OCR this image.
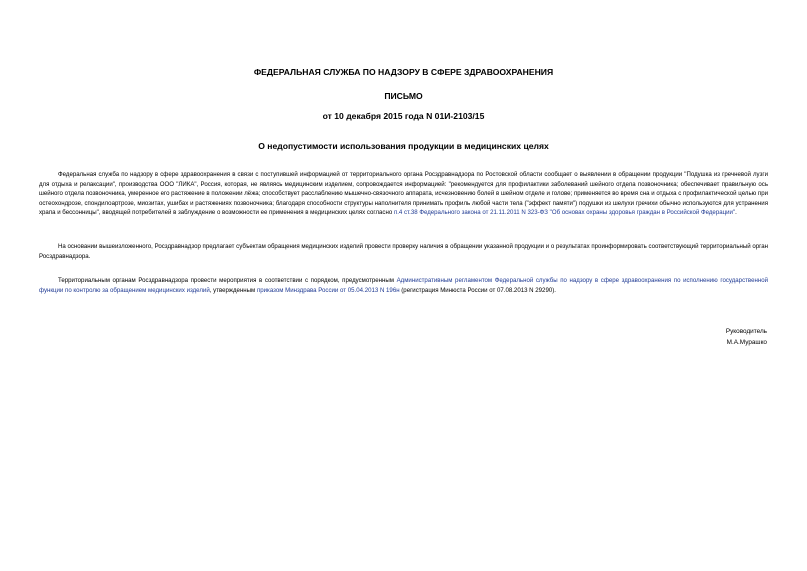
ФЕДЕРАЛЬНАЯ СЛУЖБА ПО НАДЗОРУ В СФЕРЕ ЗДРАВООХРАНЕНИЯ
ПИСЬМО
от 10 декабря 2015 года N 01И-2103/15
О недопустимости использования продукции в медицинских целях

Федеральная служба по надзору в сфере здравоохранения в связи с поступившей информацией от территориального органа Росздравнадзора по Ростовской области сообщает о выявлении в обращении продукции "Подушка из гречневой лузги для отдыха и релаксации", производства ООО "ЛИКА", Россия, которая, не являясь медицинским изделием, сопровождается информацией: "рекомендуется для профилактики заболеваний шейного отдела позвоночника; обеспечивает правильную ось шейного отдела позвоночника, умеренное его растяжение в положении лёжа; способствует расслаблению мышечно-связочного аппарата, исчезновению болей в шейном отделе и голове; применяется во время сна и отдыха с профилактической целью при остеохондрозе, спондилоартрозе, миозитах, ушибах и растяжениях позвоночника; благодаря способности структуры наполнителя принимать профиль любой части тела ("эффект памяти") подушки из шелухи гречихи обычно используются для устранения храпа и бессонницы", вводящей потребителей в заблуждение о возможности ее применения в медицинских целях согласно п.4 ст.38 Федерального закона от 21.11.2011 N 323-ФЗ "Об основах охраны здоровья граждан в Российской Федерации".

На основании вышеизложенного, Росздравнадзор предлагает субъектам обращения медицинских изделий провести проверку наличия в обращении указанной продукции и о результатах проинформировать соответствующий территориальный орган Росздравнадзора.

Территориальным органам Росздравнадзора провести мероприятия в соответствии с порядком, предусмотренным Административным регламентом Федеральной службы по надзору в сфере здравоохранения по исполнению государственной функции по контролю за обращением медицинских изделий, утвержденным приказом Минздрава России от 05.04.2013 N 196н (регистрация Минюста России от 07.08.2013 N 29290).

Руководитель
М.А.Мурашко
